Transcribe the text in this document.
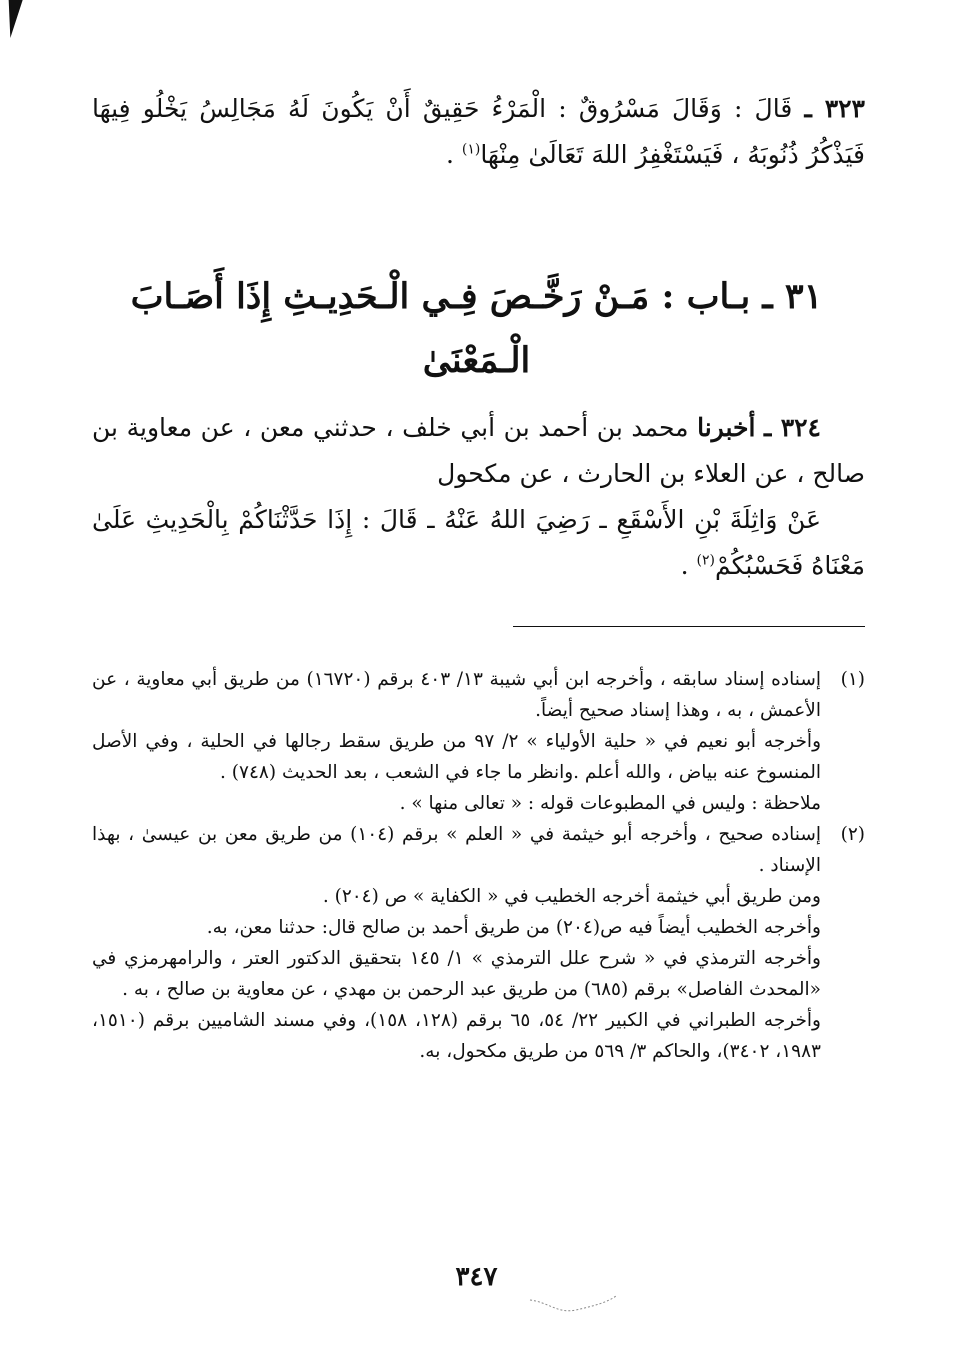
٣٢٣ ـ قَالَ : وَقَالَ مَسْرُوقٌ : الْمَرْءُ حَقِيقٌ أَنْ يَكُونَ لَهُ مَجَالِسُ يَخْلُو فِيهَا فَيَذْكُرُ ذُنُوبَهُ ، فَيَسْتَغْفِرُ اللهَ تَعَالَىٰ مِنْهَا$^{(١)}$ .
٣١ ـ بـاب : مَـنْ رَخَّـصَ فِـي الْـحَدِيـثِ إِذَا أَصَـابَ الْـمَعْنَىٰ
٣٢٤ ـ أخبرنا محمد بن أحمد بن أبي خلف ، حدثني معن ، عن معاوية بن صالح ، عن العلاء بن الحارث ، عن مكحول
عَنْ وَاثِلَةَ بْنِ الأَسْقَعِ ـ رَضِيَ اللهُ عَنْهُ ـ قَالَ : إِذَا حَدَّثْنَاكُمْ بِالْحَدِيثِ عَلَىٰ مَعْنَاهُ فَحَسْبُكُمْ$^{(٢)}$ .
(١)
إسناده إسناد سابقه ، وأخرجه ابن أبي شيبة ١٣/ ٤٠٣ برقم (١٦٧٢٠) من طريق أبي معاوية ، عن الأعمش ، به ، وهذا إسناد صحيح أيضاً.
وأخرجه أبو نعيم في « حلية الأولياء » ٢/ ٩٧ من طريق سقط رجالها في الحلية ، وفي الأصل المنسوخ عنه بياض ، والله أعلم .وانظر ما جاء في الشعب ، بعد الحديث (٧٤٨) .
ملاحظة : وليس في المطبوعات قوله : « تعالى منها » .
(٢)
إسناده صحيح ، وأخرجه أبو خيثمة في « العلم » برقم (١٠٤) من طريق معن بن عيسىٰ ، بهذا الإسناد .
ومن طريق أبي خيثمة أخرجه الخطيب في « الكفاية » ص (٢٠٤) .
وأخرجه الخطيب أيضاً فيه ص(٢٠٤) من طريق أحمد بن صالح قال: حدثنا معن، به.
وأخرجه الترمذي في « شرح علل الترمذي » ١/ ١٤٥ بتحقيق الدكتور العتر ، والرامهرمزي في «المحدث الفاصل» برقم (٦٨٥) من طريق عبد الرحمن بن مهدي ، عن معاوية بن صالح ، به .
وأخرجه الطبراني في الكبير ٢٢/ ٥٤، ٦٥ برقم (١٢٨، ١٥٨)، وفي مسند الشاميين برقم (١٥١٠، ١٩٨٣، ٣٤٠٢)، والحاكم ٣/ ٥٦٩ من طريق مكحول، به.
٣٤٧
